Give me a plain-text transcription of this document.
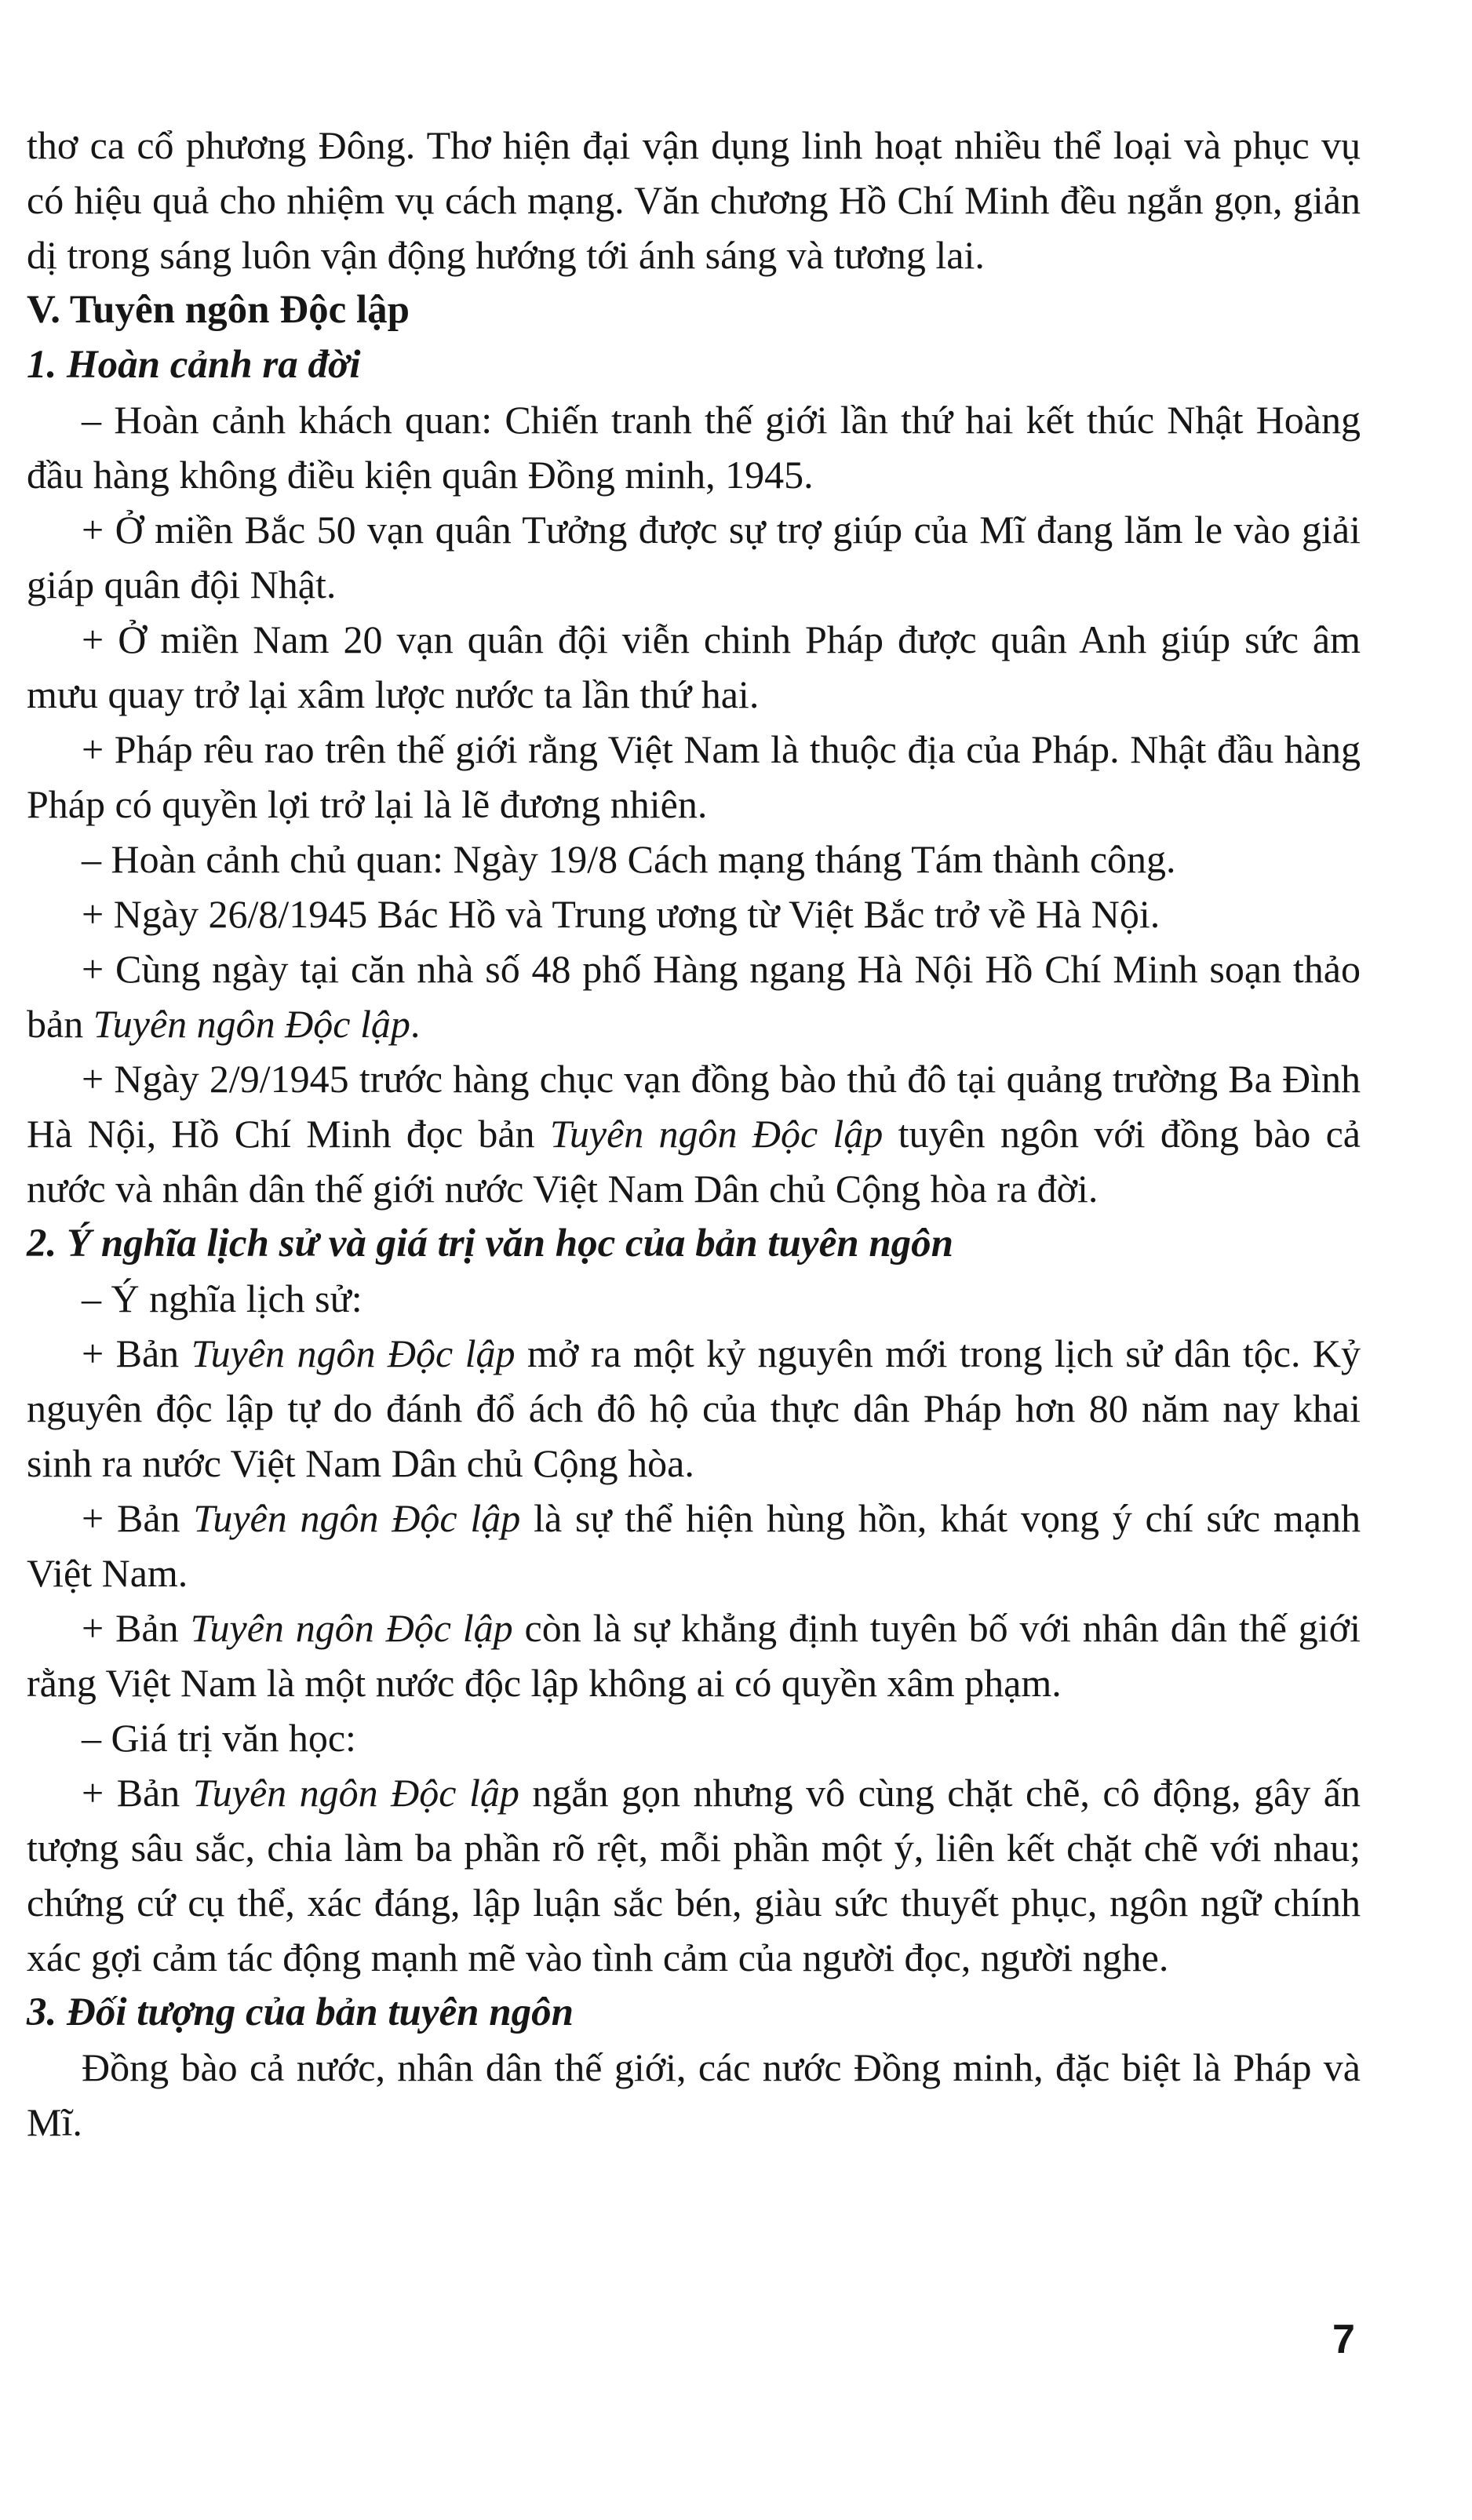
thơ ca cổ phương Đông. Thơ hiện đại vận dụng linh hoạt nhiều thể loại và phục vụ có hiệu quả cho nhiệm vụ cách mạng. Văn chương Hồ Chí Minh đều ngắn gọn, giản dị trong sáng luôn vận động hướng tới ánh sáng và tương lai.

V. Tuyên ngôn Độc lập

1. Hoàn cảnh ra đời

– Hoàn cảnh khách quan: Chiến tranh thế giới lần thứ hai kết thúc Nhật Hoàng đầu hàng không điều kiện quân Đồng minh, 1945.

+ Ở miền Bắc 50 vạn quân Tưởng được sự trợ giúp của Mĩ đang lăm le vào giải giáp quân đội Nhật.

+ Ở miền Nam 20 vạn quân đội viễn chinh Pháp được quân Anh giúp sức âm mưu quay trở lại xâm lược nước ta lần thứ hai.

+ Pháp rêu rao trên thế giới rằng Việt Nam là thuộc địa của Pháp. Nhật đầu hàng Pháp có quyền lợi trở lại là lẽ đương nhiên.

– Hoàn cảnh chủ quan: Ngày 19/8 Cách mạng tháng Tám thành công.

+ Ngày 26/8/1945 Bác Hồ và Trung ương từ Việt Bắc trở về Hà Nội.

+ Cùng ngày tại căn nhà số 48 phố Hàng ngang Hà Nội Hồ Chí Minh soạn thảo bản Tuyên ngôn Độc lập.

+ Ngày 2/9/1945 trước hàng chục vạn đồng bào thủ đô tại quảng trường Ba Đình Hà Nội, Hồ Chí Minh đọc bản Tuyên ngôn Độc lập tuyên ngôn với đồng bào cả nước và nhân dân thế giới nước Việt Nam Dân chủ Cộng hòa ra đời.

2. Ý nghĩa lịch sử và giá trị văn học của bản tuyên ngôn

– Ý nghĩa lịch sử:

+ Bản Tuyên ngôn Độc lập mở ra một kỷ nguyên mới trong lịch sử dân tộc. Kỷ nguyên độc lập tự do đánh đổ ách đô hộ của thực dân Pháp hơn 80 năm nay khai sinh ra nước Việt Nam Dân chủ Cộng hòa.

+ Bản Tuyên ngôn Độc lập là sự thể hiện hùng hồn, khát vọng ý chí sức mạnh Việt Nam.

+ Bản Tuyên ngôn Độc lập còn là sự khẳng định tuyên bố với nhân dân thế giới rằng Việt Nam là một nước độc lập không ai có quyền xâm phạm.

– Giá trị văn học:

+ Bản Tuyên ngôn Độc lập ngắn gọn nhưng vô cùng chặt chẽ, cô động, gây ấn tượng sâu sắc, chia làm ba phần rõ rệt, mỗi phần một ý, liên kết chặt chẽ với nhau; chứng cứ cụ thể, xác đáng, lập luận sắc bén, giàu sức thuyết phục, ngôn ngữ chính xác gợi cảm tác động mạnh mẽ vào tình cảm của người đọc, người nghe.

3. Đối tượng của bản tuyên ngôn

Đồng bào cả nước, nhân dân thế giới, các nước Đồng minh, đặc biệt là Pháp và Mĩ.

7
